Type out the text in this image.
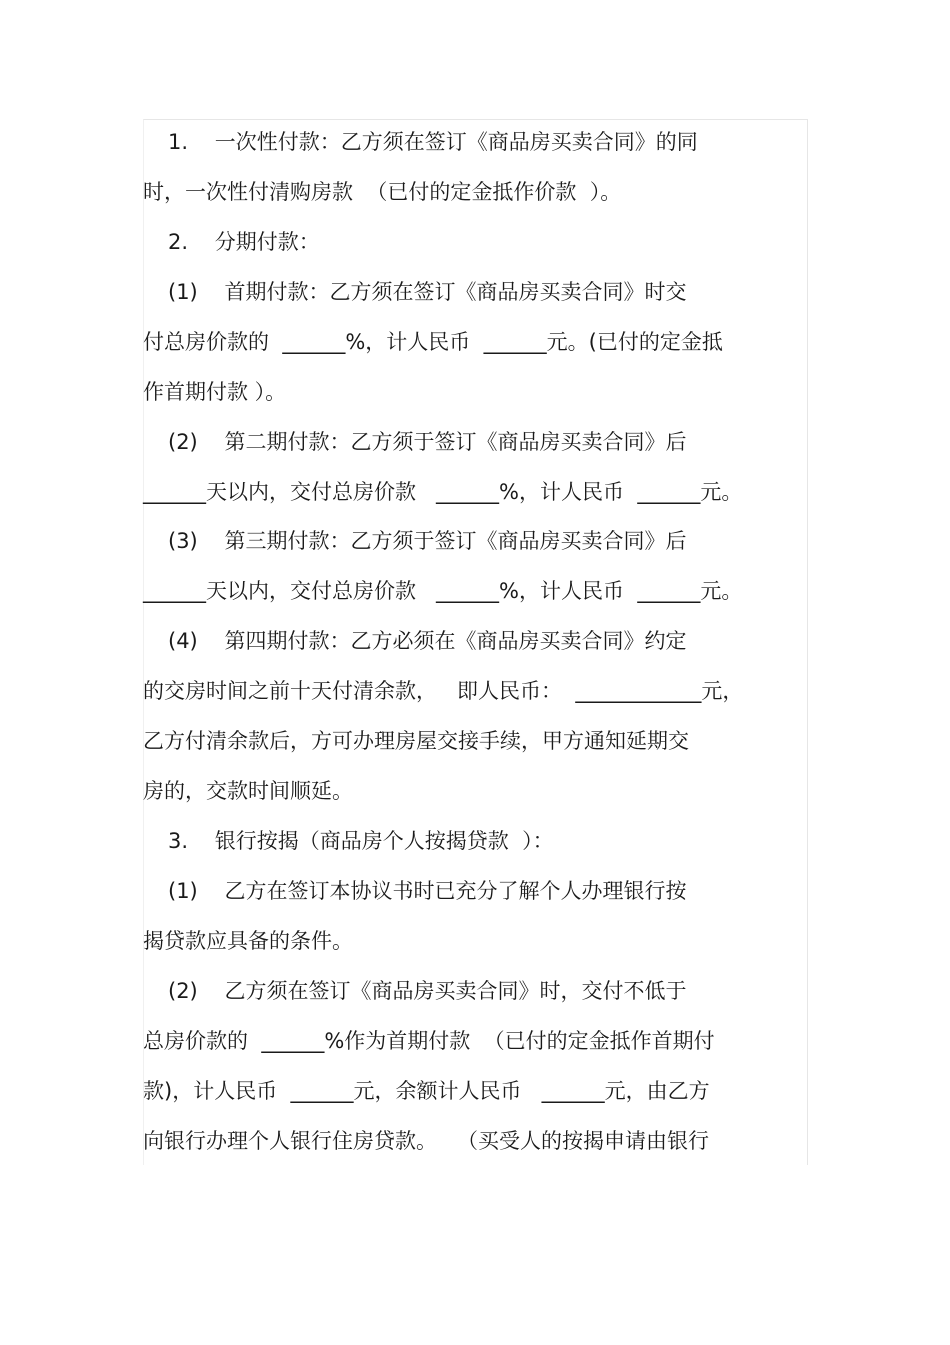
1.    一次性付款：乙方须在签订《商品房买卖合同》的同
时，一次性付清购房款  （已付的定金抵作价款  ）。
2.    分期付款：
(1)    首期付款：乙方须在签订《商品房买卖合同》时交
付总房价款的  ______%，计人民币  ______元。(已付的定金抵
作首期付款 ）。
(2)    第二期付款：乙方须于签订《商品房买卖合同》后
______天以内，交付总房价款   ______%，计人民币  ______元。
(3)    第三期付款：乙方须于签订《商品房买卖合同》后
______天以内，交付总房价款   ______%，计人民币  ______元。
(4)    第四期付款：乙方必须在《商品房买卖合同》约定
的交房时间之前十天付清余款，   即人民币：  ____________元，
乙方付清余款后，方可办理房屋交接手续，甲方通知延期交
房的，交款时间顺延。
3.    银行按揭（商品房个人按揭贷款  ）：
(1)    乙方在签订本协议书时已充分了解个人办理银行按
揭贷款应具备的条件。
(2)    乙方须在签订《商品房买卖合同》时，交付不低于
总房价款的  ______%作为首期付款  （已付的定金抵作首期付
款)，计人民币  ______元，余额计人民币   ______元，由乙方
向银行办理个人银行住房贷款。   （买受人的按揭申请由银行
